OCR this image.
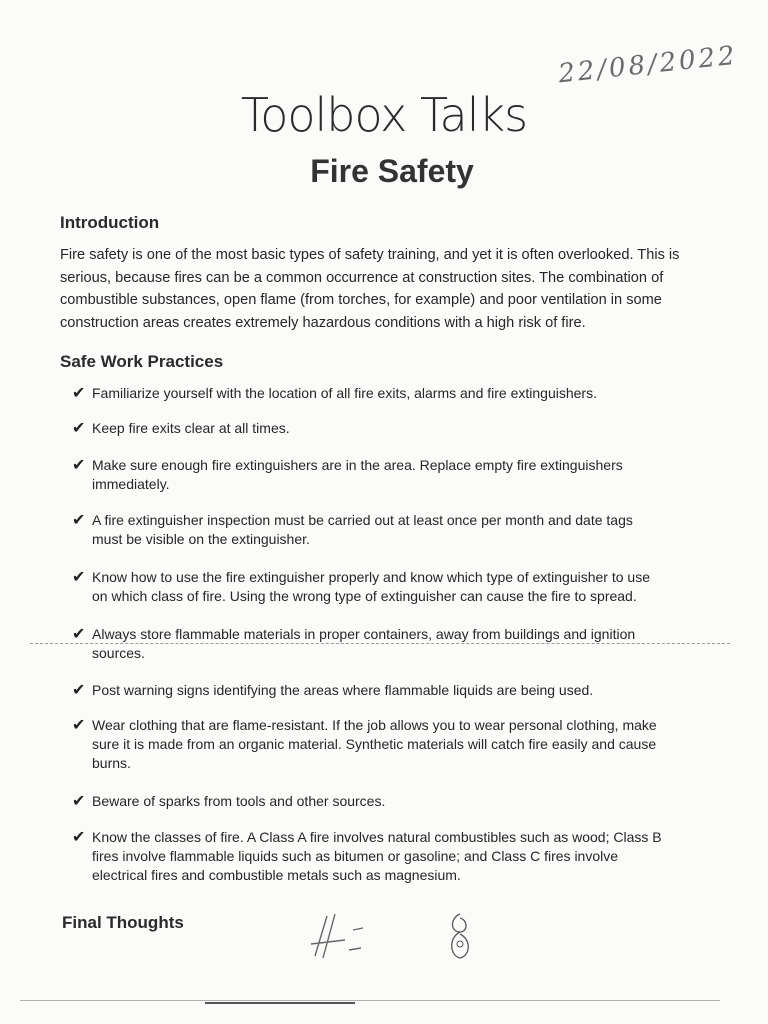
22/08/2022
Toolbox Talks
Fire Safety
Introduction
Fire safety is one of the most basic types of safety training, and yet it is often overlooked. This is
serious, because fires can be a common occurrence at construction sites. The combination of
combustible substances, open flame (from torches, for example) and poor ventilation in some
construction areas creates extremely hazardous conditions with a high risk of fire.
Safe Work Practices
✔ Familiarize yourself with the location of all fire exits, alarms and fire extinguishers.
✔ Keep fire exits clear at all times.
✔ Make sure enough fire extinguishers are in the area. Replace empty fire extinguishers
immediately.
✔ A fire extinguisher inspection must be carried out at least once per month and date tags
must be visible on the extinguisher.
✔ Know how to use the fire extinguisher properly and know which type of extinguisher to use
on which class of fire. Using the wrong type of extinguisher can cause the fire to spread.
✔ Always store flammable materials in proper containers, away from buildings and ignition
sources.
✔ Post warning signs identifying the areas where flammable liquids are being used.
✔ Wear clothing that are flame-resistant. If the job allows you to wear personal clothing, make
sure it is made from an organic material. Synthetic materials will catch fire easily and cause
burns.
✔ Beware of sparks from tools and other sources.
✔ Know the classes of fire. A Class A fire involves natural combustibles such as wood; Class B
fires involve flammable liquids such as bitumen or gasoline; and Class C fires involve
electrical fires and combustible metals such as magnesium.
Final Thoughts
